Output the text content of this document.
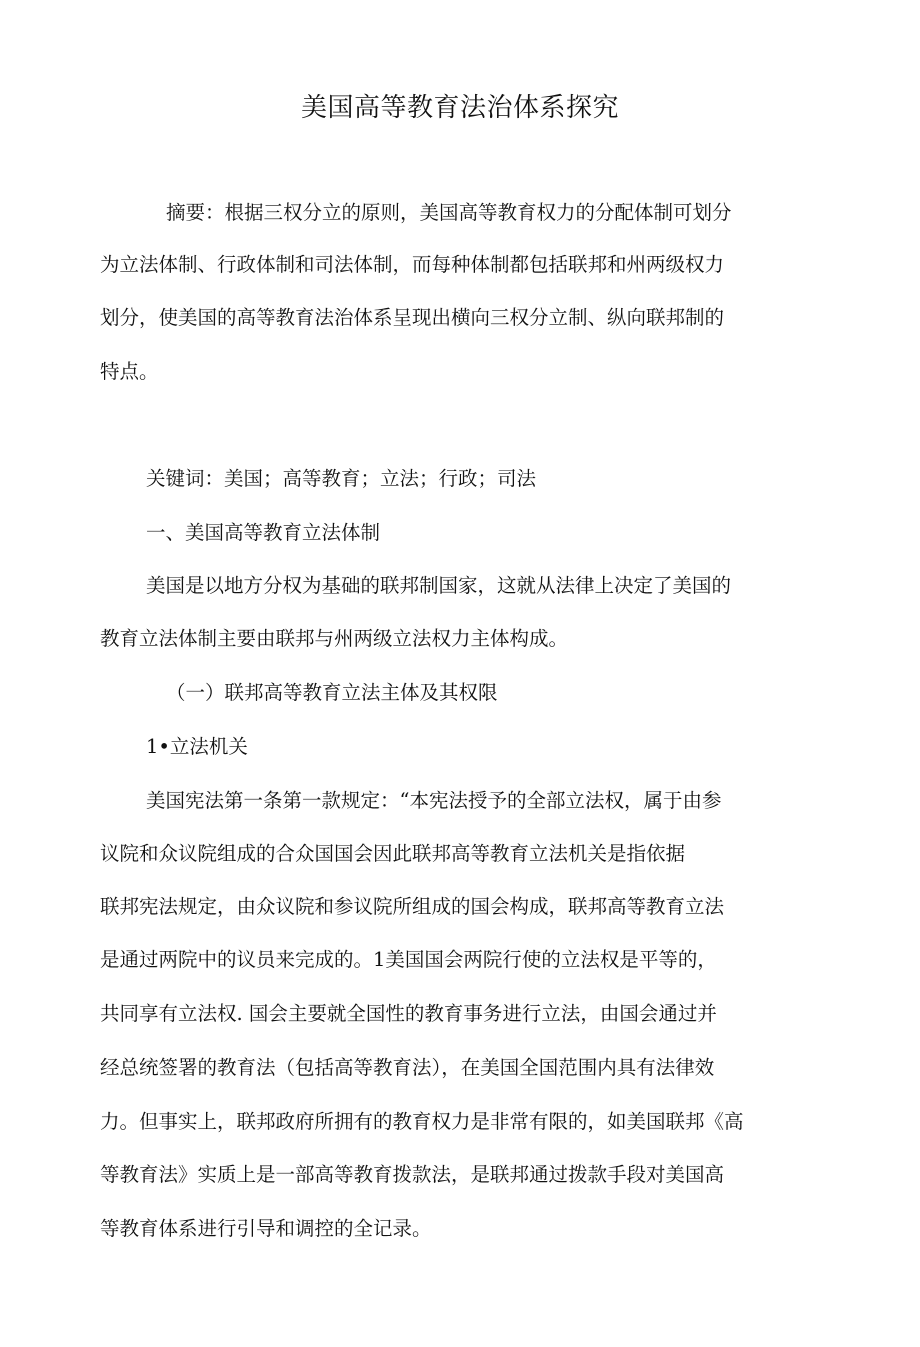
美国高等教育法治体系探究

摘要：根据三权分立的原则，美国高等教育权力的分配体制可划分

为立法体制、行政体制和司法体制，而每种体制都包括联邦和州两级权力

划分，使美国的高等教育法治体系呈现出横向三权分立制、纵向联邦制的

特点。

关键词：美国；高等教育；立法；行政；司法

一、美国高等教育立法体制

美国是以地方分权为基础的联邦制国家，这就从法律上决定了美国的

教育立法体制主要由联邦与州两级立法权力主体构成。

（一）联邦高等教育立法主体及其权限

1•立法机关

美国宪法第一条第一款规定：“本宪法授予的全部立法权，属于由参

议院和众议院组成的合众国国会因此联邦高等教育立法机关是指依据

联邦宪法规定，由众议院和参议院所组成的国会构成，联邦高等教育立法

是通过两院中的议员来完成的。1美国国会两院行使的立法权是平等的，

共同享有立法权. 国会主要就全国性的教育事务进行立法，由国会通过并

经总统签署的教育法（包括高等教育法），在美国全国范围内具有法律效

力。但事实上，联邦政府所拥有的教育权力是非常有限的，如美国联邦《高

等教育法》实质上是一部高等教育拨款法，是联邦通过拨款手段对美国高

等教育体系进行引导和调控的全记录。
